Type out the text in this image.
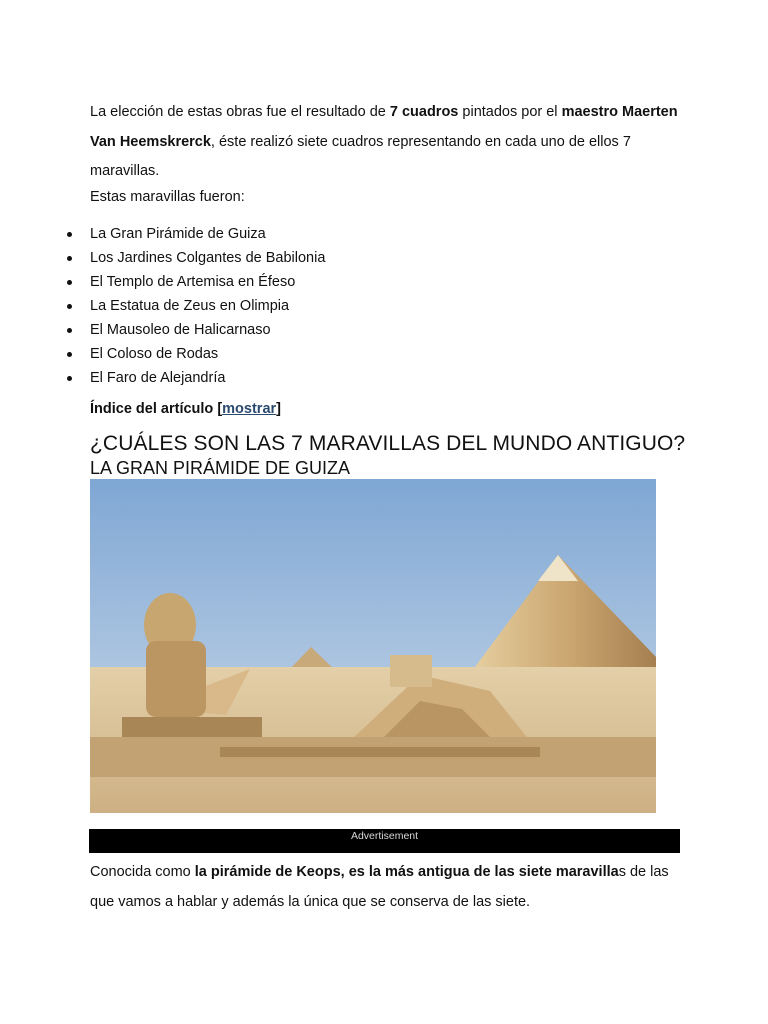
La elección de estas obras fue el resultado de 7 cuadros pintados por el maestro Maerten Van Heemskrerck, éste realizó siete cuadros representando en cada uno de ellos 7 maravillas.

Estas maravillas fueron:

La Gran Pirámide de Guiza
Los Jardines Colgantes de Babilonia
El Templo de Artemisa en Éfeso
La Estatua de Zeus en Olimpia
El Mausoleo de Halicarnaso
El Coloso de Rodas
El Faro de Alejandría
Índice del artículo [mostrar]
¿CUÁLES SON LAS 7 MARAVILLAS DEL MUNDO ANTIGUO?
LA GRAN PIRÁMIDE DE GUIZA
Advertisement

Conocida como la pirámide de Keops, es la más antigua de las siete maravillas de las que vamos a hablar y además la única que se conserva de las siete.
